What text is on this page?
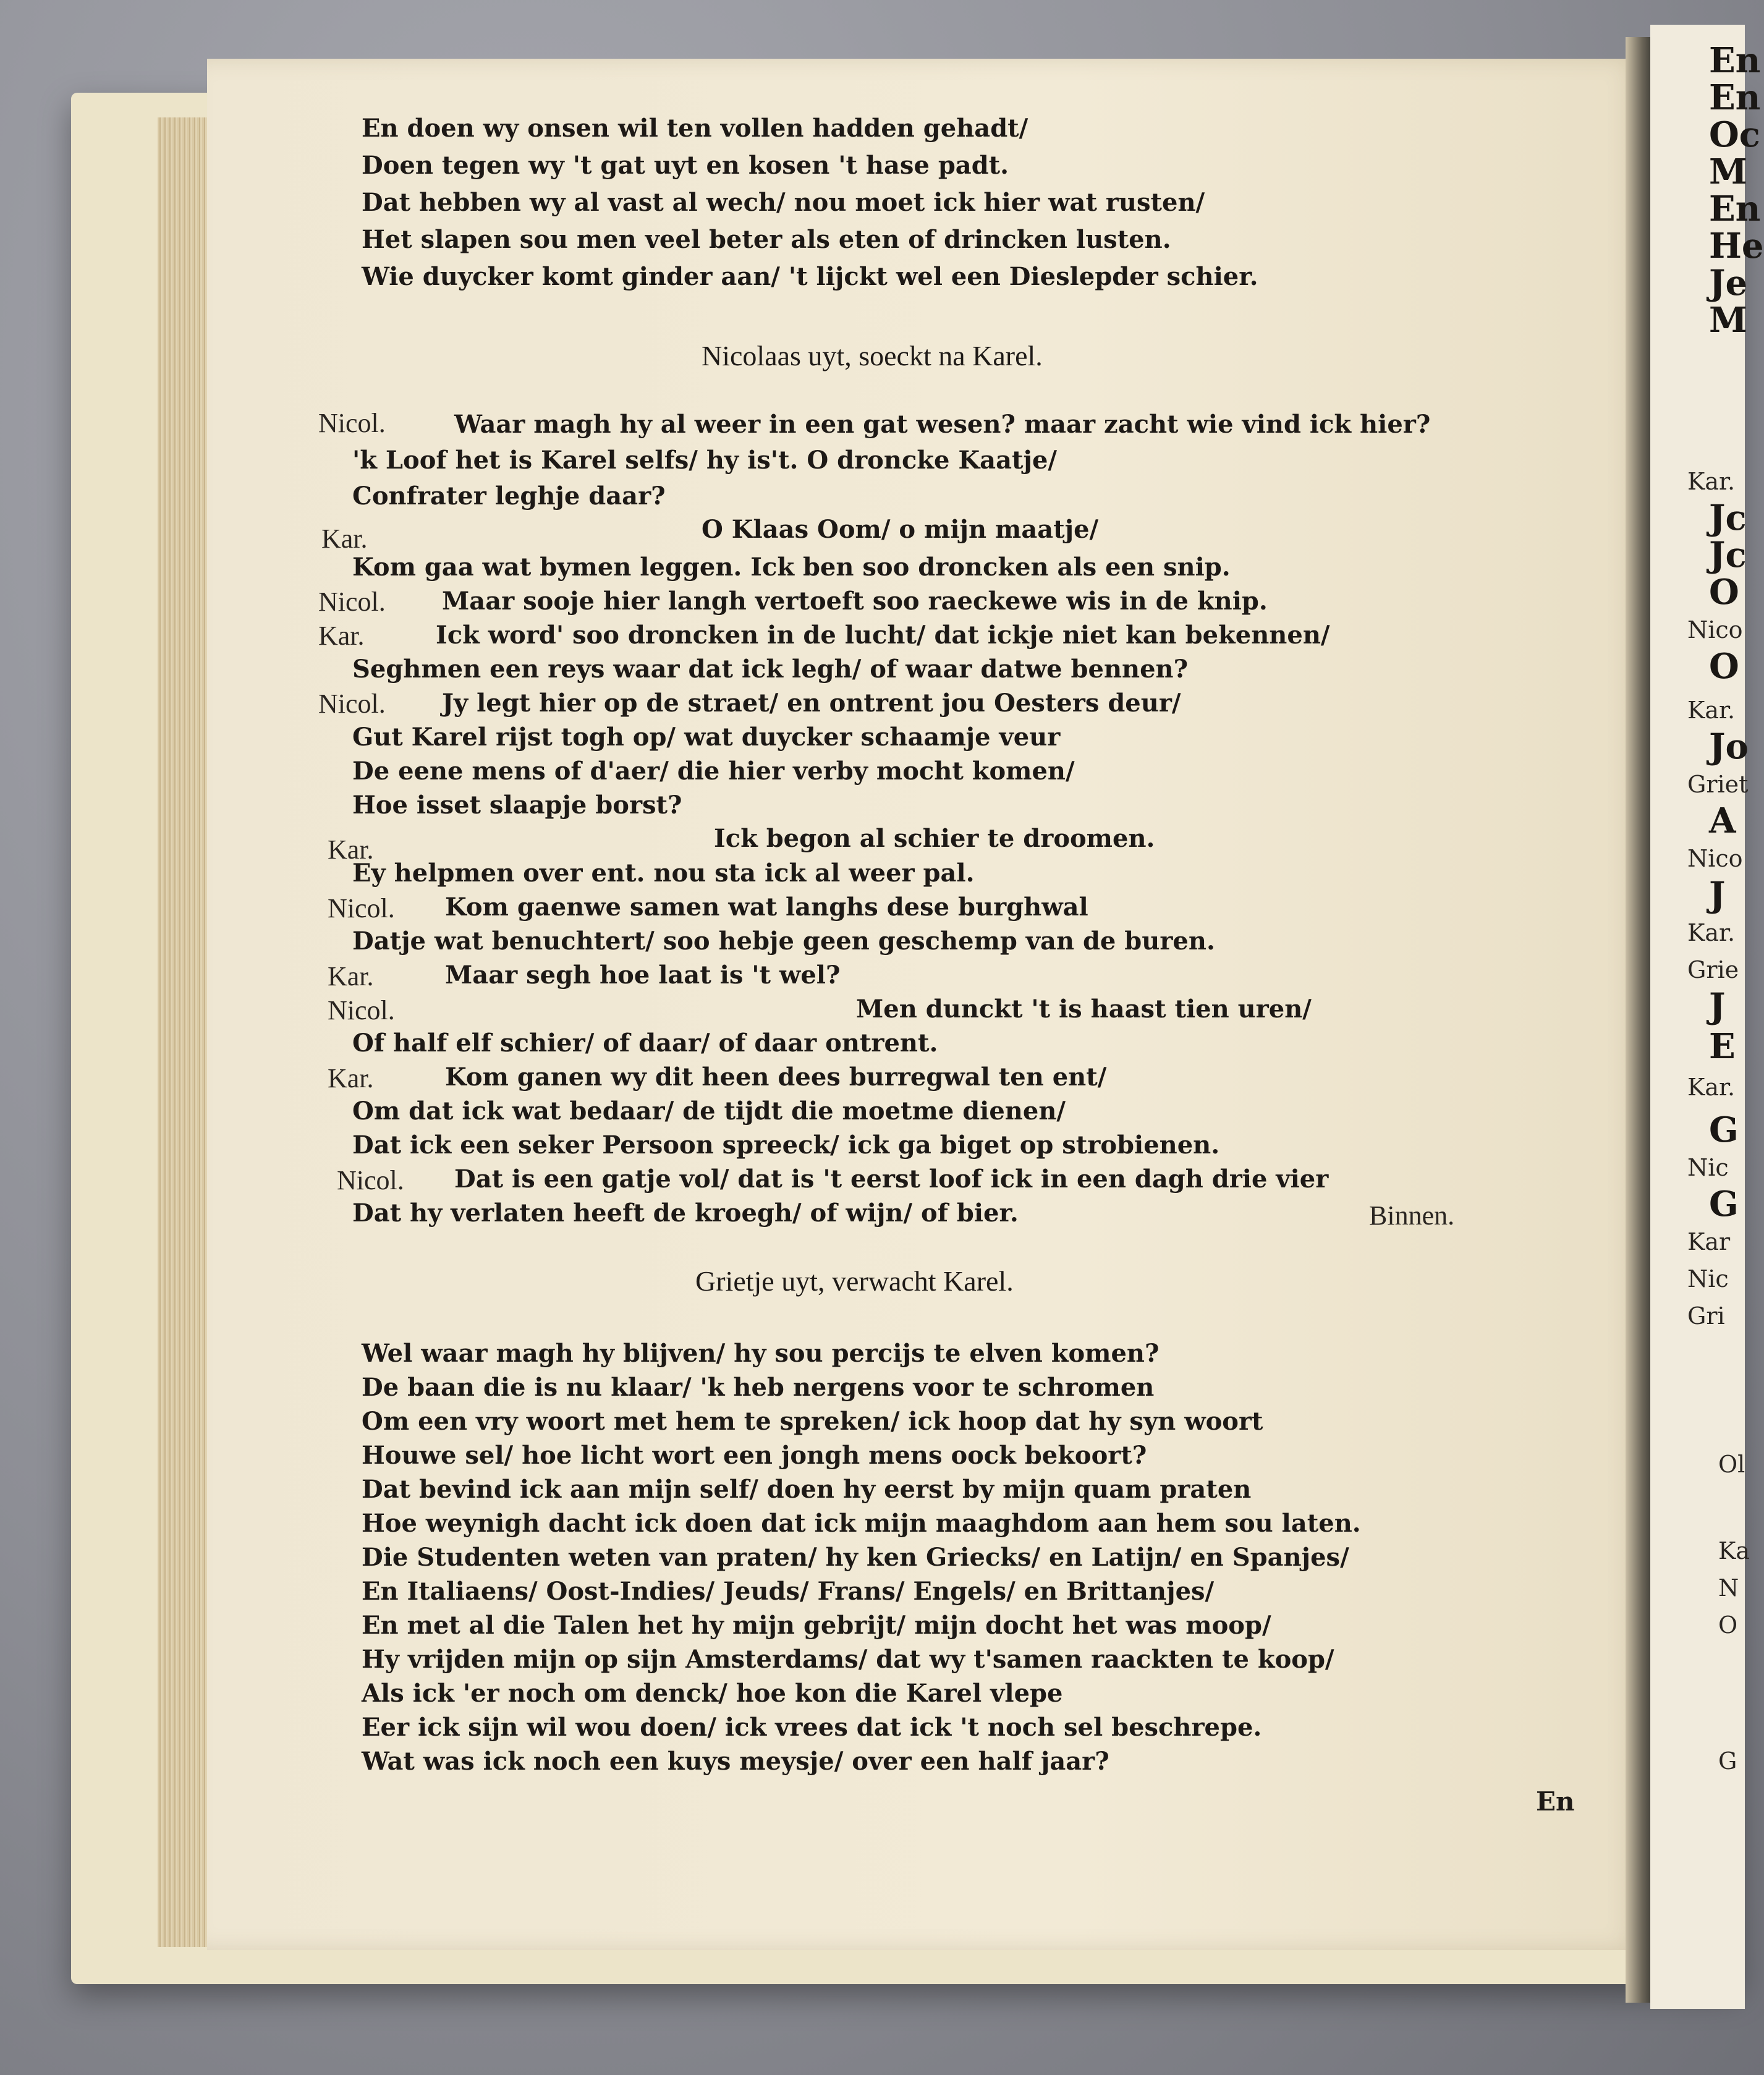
En doen wy onsen wil ten vollen hadden gehadt/
Doen tegen wy 't gat uyt en kosen 't hase padt.
Dat hebben wy al vast al wech/ nou moet ick hier wat rusten/
Het slapen sou men veel beter als eten of drincken lusten.
Wie duycker komt ginder aan/ 't lijckt wel een Dieslepder schier.
Nicolaas uyt, soeckt na Karel.
Nicol.	Waar magh hy al weer in een gat wesen? maar zacht wie vind ick hier?
'k Loof het is Karel selfs/ hy is't. O droncke Kaatje/
Confrater leghje daar?
Kar.	O Klaas Oom/ o mijn maatje/
Kom gaa wat bymen leggen. Ick ben soo droncken als een snip.
Nicol. Maar sooje hier langh vertoeft soo raeckewe wis in de knip.
Kar.	Ick word' soo droncken in de lucht/ dat ickje niet kan bekennen/
Seghmen een reys waar dat ick legh/ of waar datwe bennen?
Nicol. Jy legt hier op de straet/ en ontrent jou Oesters deur/
Gut Karel rijst togh op/ wat duycker schaamje veur
De eene mens of d'aer/ die hier verby mocht komen/
Hoe isset slaapje borst?
Kar.	Ick begon al schier te droomen.
Ey helpmen over ent. nou sta ick al weer pal.
Nicol. Kom gaenwe samen wat langhs dese burghwal
Datje wat benuchtert/ soo hebje geen geschemp van de buren.
Kar.	Maar segh hoe laat is 't wel?
Nicol.	Men dunckt 't is haast tien uren/
Of half elf schier/ of daar/ of daar ontrent.
Kar.	Kom ganen wy dit heen dees burregwal ten ent/
Om dat ick wat bedaar/ de tijdt die moetme dienen/
Dat ick een seker Persoon spreeck/ ick ga biget op strobienen.
Nicol. Dat is een gatje vol/ dat is 't eerst loof ick in een dagh drie vier
Dat hy verlaten heeft de kroegh/ of wijn/ of bier.	Binnen.
Grietje uyt, verwacht Karel.
Wel waar magh hy blijven/ hy sou percijs te elven komen?
De baan die is nu klaar/ 'k heb nergens voor te schromen
Om een vry woort met hem te spreken/ ick hoop dat hy syn woort
Houwe sel/ hoe licht wort een jongh mens oock bekoort?
Dat bevind ick aan mijn self/ doen hy eerst by mijn quam praten
Hoe weynigh dacht ick doen dat ick mijn maaghdom aan hem sou laten.
Die Studenten weten van praten/ hy ken Griecks/ en Latijn/ en Spanjes/
En Italiaens/ Oost-Indies/ Jeuds/ Frans/ Engels/ en Brittanjes/
En met al die Talen het hy mijn gebrijt/ mijn docht het was moop/
Hy vrijden mijn op sijn Amsterdams/ dat wy t'samen raackten te koop/
Als ick 'er noch om denck/ hoe kon die Karel vlepe
Eer ick sijn wil wou doen/ ick vrees dat ick 't noch sel beschrepe.
Wat was ick noch een kuys meysje/ over een half jaar?
En
En
En
Oc
M
En
He
Je
M
Kar.
Jc
Jc
O
Nico
O
Kar.
Jo
Griet
A
Nico
J
Kar.
Grie
J
E
Kar.
G
Nic
G
Kar
Nic
Gri
Ol
Ka
N
O
G
